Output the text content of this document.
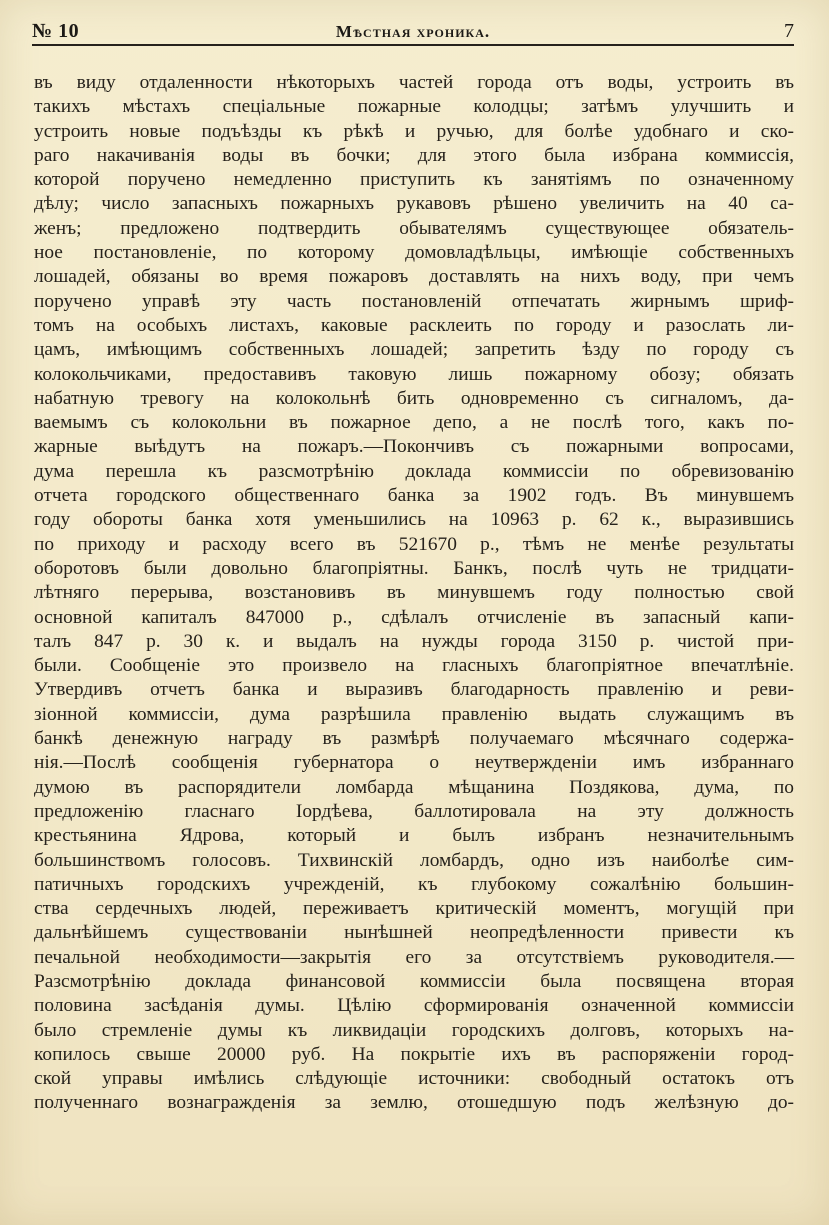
№ 10	Мѣстная хроника.	7
въ виду отдаленности нѣкоторыхъ частей города отъ воды, устроить въ
такихъ мѣстахъ спеціальные пожарные колодцы; затѣмъ улучшить и
устроить новые подъѣзды къ рѣкѣ и ручью, для болѣе удобнаго и ско-
раго накачиванія воды въ бочки; для этого была избрана коммиссія,
которой поручено немедленно приступить къ занятіямъ по означенному
дѣлу; число запасныхъ пожарныхъ рукавовъ рѣшено увеличить на 40 са-
женъ; предложено подтвердить обывателямъ существующее обязатель-
ное постановленіе, по которому домовладѣльцы, имѣющіе собственныхъ
лошадей, обязаны во время пожаровъ доставлять на нихъ воду, при чемъ
поручено управѣ эту часть постановленій отпечатать жирнымъ шриф-
томъ на особыхъ листахъ, каковые расклеить по городу и разослать ли-
цамъ, имѣющимъ собственныхъ лошадей; запретить ѣзду по городу съ
колокольчиками, предоставивъ таковую лишь пожарному обозу; обязать
набатную тревогу на колокольнѣ бить одновременно съ сигналомъ, да-
ваемымъ съ колокольни въ пожарное депо, а не послѣ того, какъ по-
жарные выѣдутъ на пожаръ.—Покончивъ съ пожарными вопросами,
дума перешла къ разсмотрѣнію доклада коммиссіи по обревизованію
отчета городского общественнаго банка за 1902 годъ. Въ минувшемъ
году обороты банка хотя уменьшились на 10963 р. 62 к., выразившись
по приходу и расходу всего въ 521670 р., тѣмъ не менѣе результаты
оборотовъ были довольно благопріятны. Банкъ, послѣ чуть не тридцати-
лѣтняго перерыва, возстановивъ въ минувшемъ году полностью свой
основной капиталъ 847000 р., сдѣлалъ отчисленіе въ запасный капи-
талъ 847 р. 30 к. и выдалъ на нужды города 3150 р. чистой при-
были. Сообщеніе это произвело на гласныхъ благопріятное впечатлѣніе.
Утвердивъ отчетъ банка и выразивъ благодарность правленію и реви-
зіонной коммиссіи, дума разрѣшила правленію выдать служащимъ въ
банкѣ денежную награду въ размѣрѣ получаемаго мѣсячнаго содержа-
нія.—Послѣ сообщенія губернатора о неутвержденіи имъ избраннаго
думою въ распорядители ломбарда мѣщанина Поздякова, дума, по
предложенію гласнаго Іордѣева, баллотировала на эту должность
крестьянина Ядрова, который и былъ избранъ незначительнымъ
большинствомъ голосовъ. Тихвинскій ломбардъ, одно изъ наиболѣе сим-
патичныхъ городскихъ учрежденій, къ глубокому сожалѣнію большин-
ства сердечныхъ людей, переживаетъ критическій моментъ, могущій при
дальнѣйшемъ существованіи нынѣшней неопредѣленности привести къ
печальной необходимости—закрытія его за отсутствіемъ руководителя.—
Разсмотрѣнію доклада финансовой коммиссіи была посвящена вторая
половина засѣданія думы. Цѣлію сформированія означенной коммиссіи
было стремленіе думы къ ликвидаціи городскихъ долговъ, которыхъ на-
копилось свыше 20000 руб. На покрытіе ихъ въ распоряженіи город-
ской управы имѣлись слѣдующіе источники: свободный остатокъ отъ
полученнаго вознагражденія за землю, отошедшую подъ желѣзную до-
